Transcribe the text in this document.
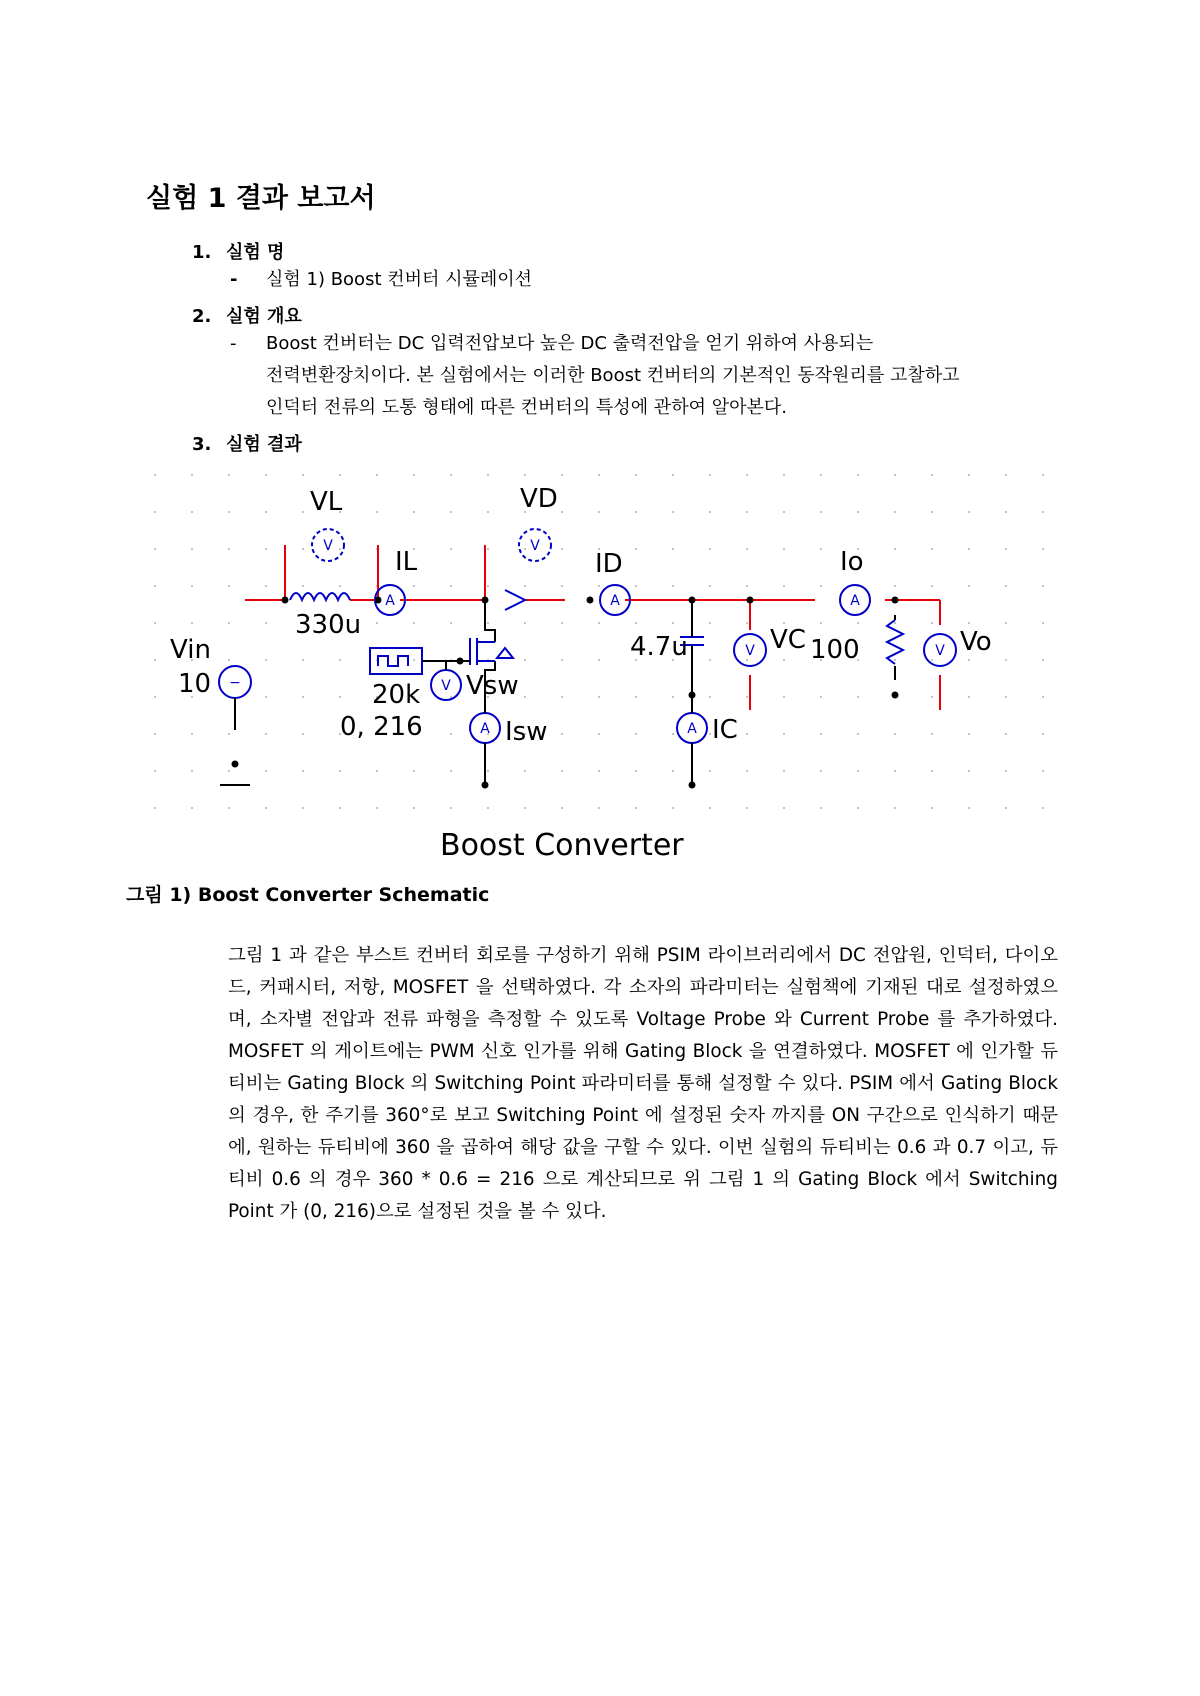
실험 1 결과 보고서
1. 실험 명
- 실험 1) Boost 컨버터 시뮬레이션
2. 실험 개요
- Boost 컨버터는 DC 입력전압보다 높은 DC 출력전압을 얻기 위하여 사용되는
전력변환장치이다. 본 실험에서는 이러한 Boost 컨버터의 기본적인 동작원리를 고찰하고
인덕터 전류의 도통 형태에 따른 컨버터의 특성에 관하여 알아본다.
3. 실험 결과
V
A
V
A	A
V	V
V
A	A
−
VL	VD
IL	ID	Io
330u
Vin
10
4.7u	VC 100	Vo
20k
0, 216
Vsw
Isw	IC
Boost Converter
그림 1) Boost Converter Schematic

그림 1 과 같은 부스트 컨버터 회로를 구성하기 위해 PSIM 라이브러리에서 DC 전압원, 인덕터, 다이오드, 커패시터, 저항, MOSFET 을 선택하였다. 각 소자의 파라미터는 실험책에 기재된 대로 설정하였으며, 소자별 전압과 전류 파형을 측정할 수 있도록 Voltage Probe 와 Current Probe 를 추가하였다. MOSFET 의 게이트에는 PWM 신호 인가를 위해 Gating Block 을 연결하였다. MOSFET 에 인가할 듀티비는 Gating Block 의 Switching Point 파라미터를 통해 설정할 수 있다. PSIM 에서 Gating Block 의 경우, 한 주기를 360°로 보고 Switching Point 에 설정된 숫자 까지를 ON 구간으로 인식하기 때문에, 원하는 듀티비에 360 을 곱하여 해당 값을 구할 수 있다. 이번 실험의 듀티비는 0.6 과 0.7 이고, 듀티비 0.6 의 경우 360 * 0.6 = 216 으로 계산되므로 위 그림 1 의 Gating Block 에서 Switching Point 가 (0, 216)으로 설정된 것을 볼 수 있다.
